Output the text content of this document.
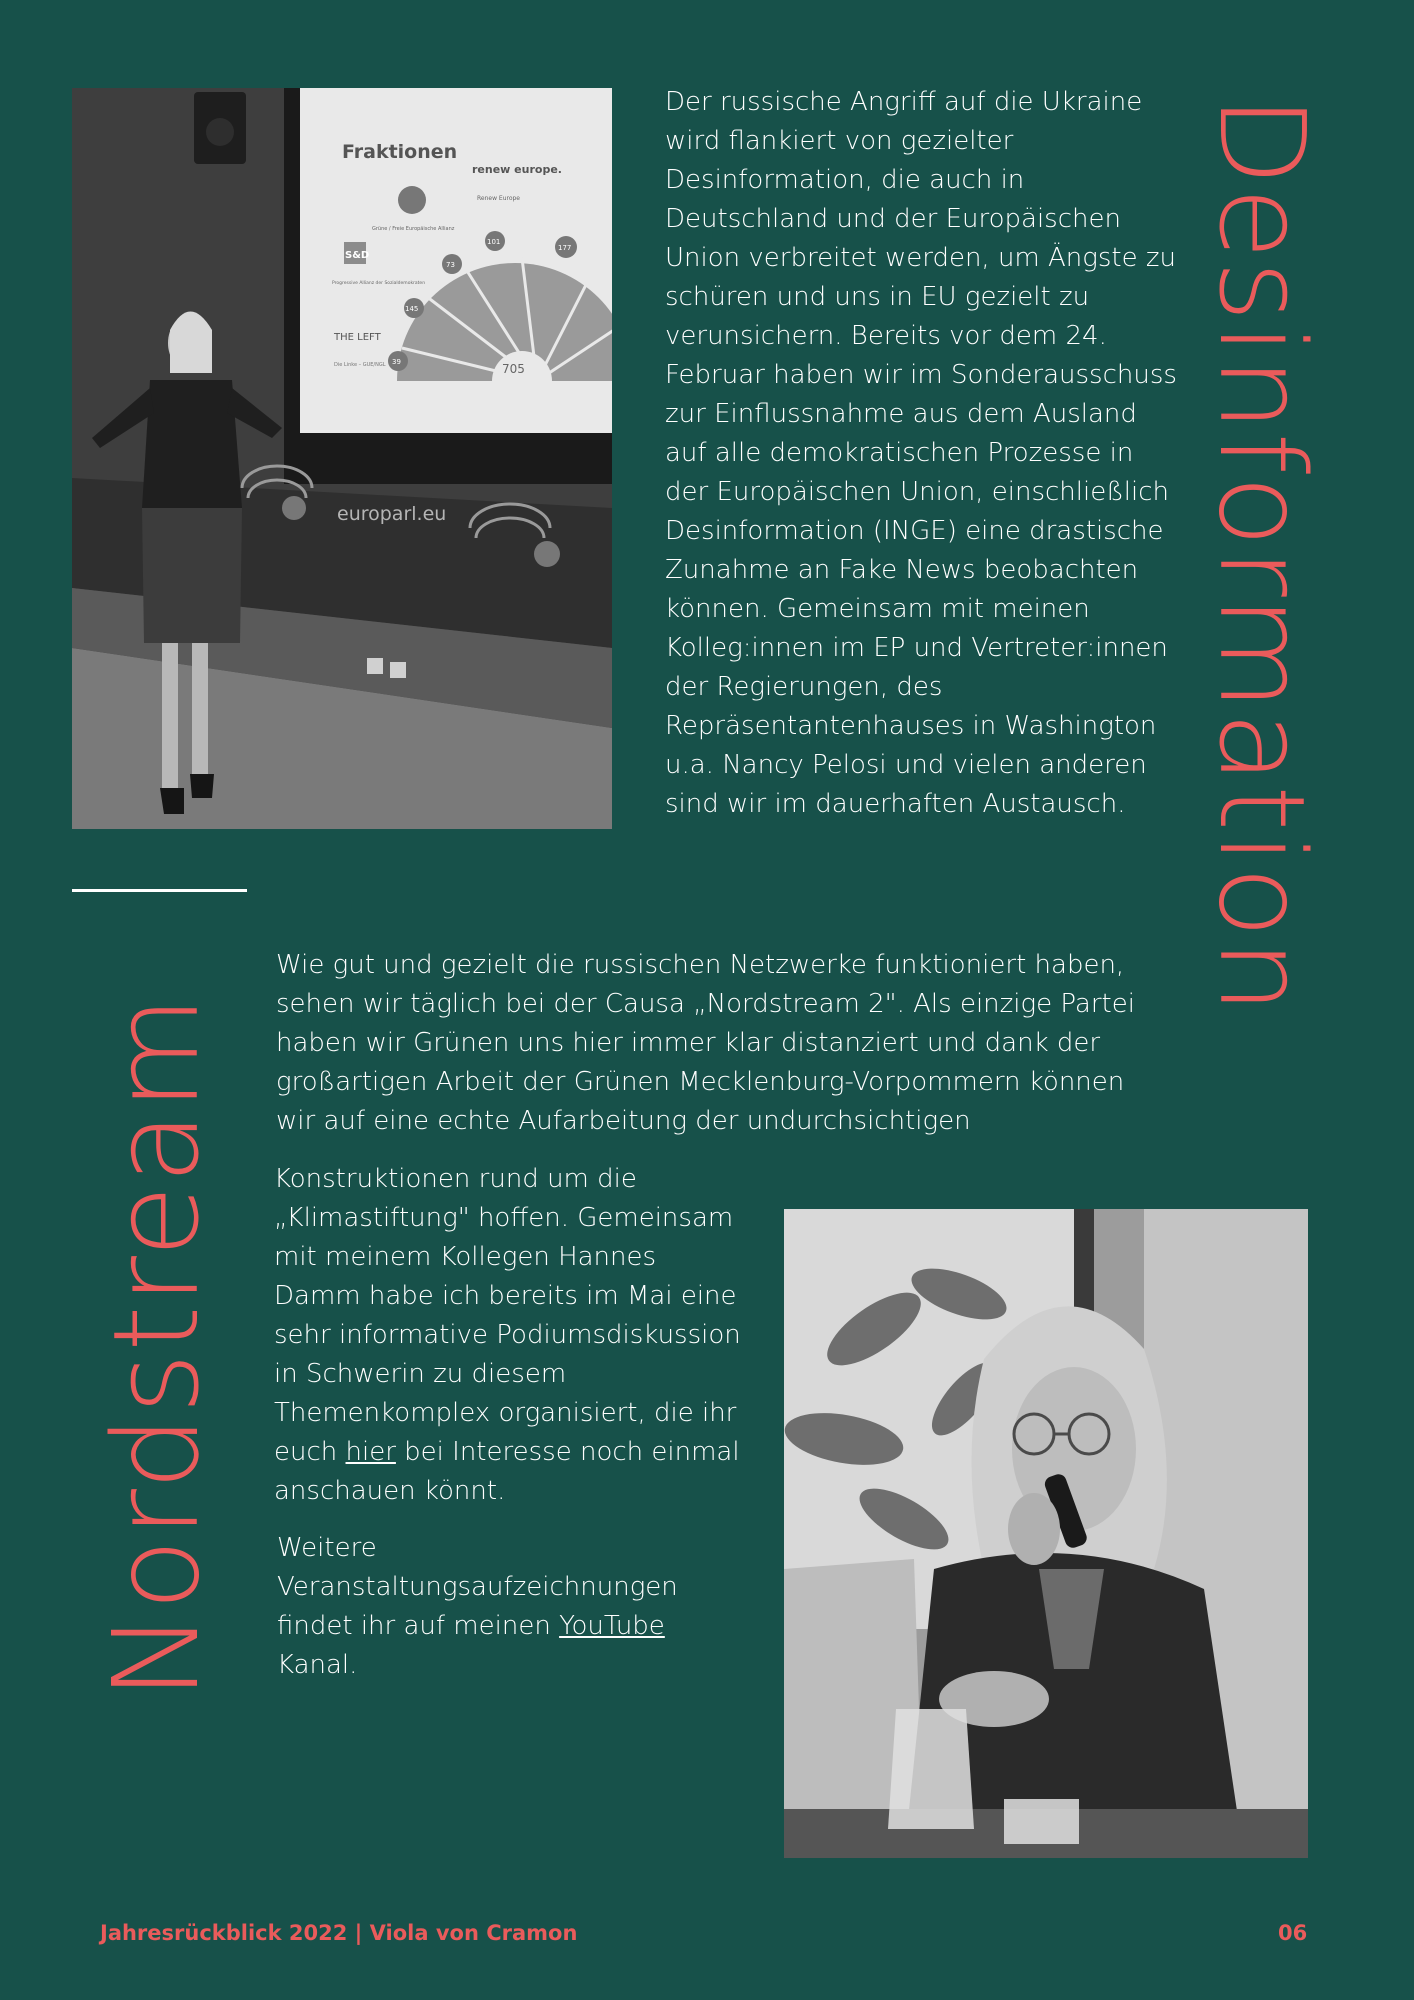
Fraktionen
Grüne / Freie Europäische Allianz
renew europe.
Renew Europe
S&D
Progressive Allianz der Sozialdemokraten
THE LEFT
Die Linke – GUE/NGL	705
39
145
73
101
177
europarl.eu

Der russische Angriff auf die Ukraine wird flankiert von gezielter Desinformation, die auch in Deutschland und der Europäischen Union verbreitet werden, um Ängste zu schüren und uns in EU gezielt zu verunsichern. Bereits vor dem 24. Februar haben wir im Sonderausschuss zur Einflussnahme aus dem Ausland auf alle demokratischen Prozesse in der Europäischen Union, einschließlich Desinformation (INGE) eine drastische Zunahme an Fake News beobachten können. Gemeinsam mit meinen Kolleg:innen im EP und Vertreter:innen der Regierungen, des Repräsentantenhauses in Washington u.a. Nancy Pelosi und vielen anderen sind wir im dauerhaften Austausch. Desinformation
Nordstream

Wie gut und gezielt die russischen Netzwerke funktioniert haben, sehen wir täglich bei der Causa „Nordstream 2". Als einzige Partei haben wir Grünen uns hier immer klar distanziert und dank der großartigen Arbeit der Grünen Mecklenburg-Vorpommern können wir auf eine echte Aufarbeitung der undurchsichtigen

Konstruktionen rund um die „Klimastiftung" hoffen. Gemeinsam mit meinem Kollegen Hannes Damm habe ich bereits im Mai eine sehr informative Podiumsdiskussion in Schwerin zu diesem Themenkomplex organisiert, die ihr euch hier bei Interesse noch einmal anschauen könnt.

Weitere Veranstaltungsaufzeichnungen findet ihr auf meinen YouTube Kanal.

Jahresrückblick 2022 | Viola von Cramon	06
